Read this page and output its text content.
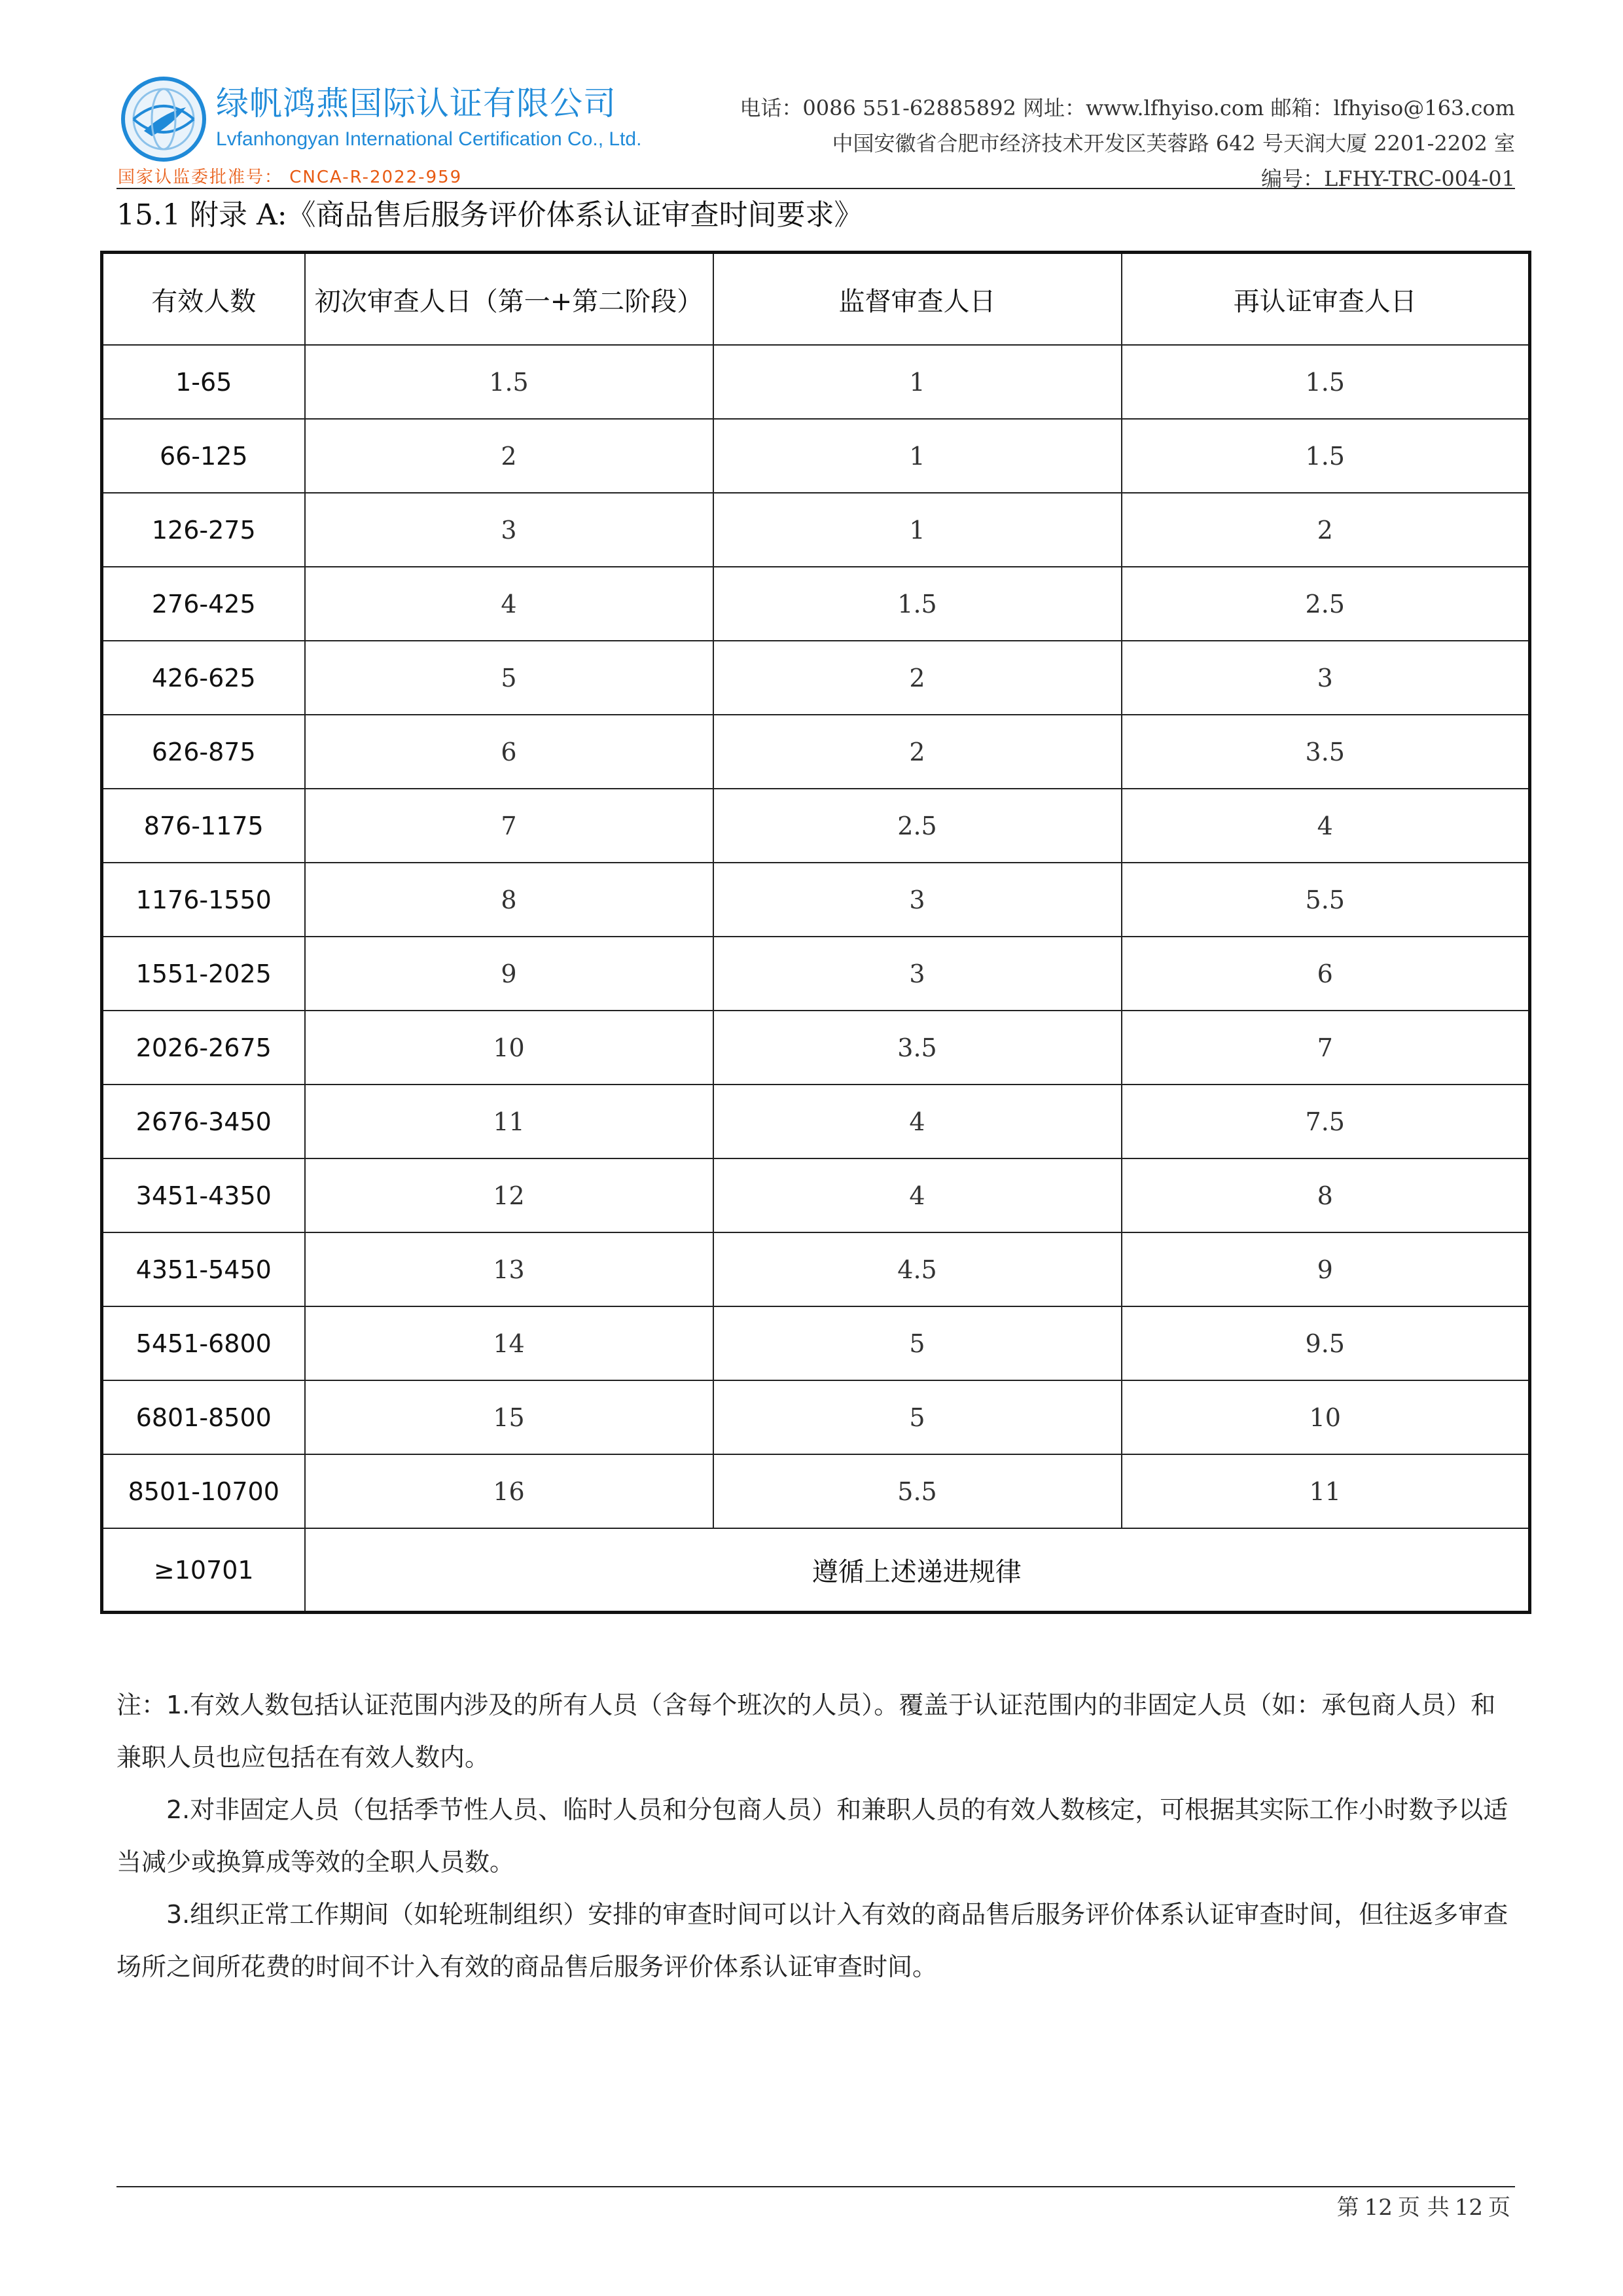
绿帆鸿燕国际认证有限公司
Lvfanhongyan International Certification Co., Ltd.
国家认监委批准号： CNCA-R-2022-959
电话：0086 551-62885892 网址：www.lfhyiso.com 邮箱：lfhyiso@163.com
中国安徽省合肥市经济技术开发区芙蓉路 642 号天润大厦 2201-2202 室
编号：LFHY-TRC-004-01
15.1 附录 A:《商品售后服务评价体系认证审查时间要求》
有效人数	初次审查人日（第一+第二阶段）	监督审查人日	再认证审查人日
1-65	1.5	1	1.5
66-125	2	1	1.5
126-275	3	1	2
276-425	4	1.5	2.5
426-625	5	2	3
626-875	6	2	3.5
876-1175	7	2.5	4
1176-1550	8	3	5.5
1551-2025	9	3	6
2026-2675	10	3.5	7
2676-3450	11	4	7.5
3451-4350	12	4	8
4351-5450	13	4.5	9
5451-6800	14	5	9.5
6801-8500	15	5	10
8501-10700	16	5.5	11
≥10701	遵循上述递进规律		

注：1.有效人数包括认证范围内涉及的所有人员（含每个班次的人员）。覆盖于认证范围内的非固定人员（如：承包商人员）和兼职人员也应包括在有效人数内。

2.对非固定人员（包括季节性人员、临时人员和分包商人员）和兼职人员的有效人数核定，可根据其实际工作小时数予以适当减少或换算成等效的全职人员数。

3.组织正常工作期间（如轮班制组织）安排的审查时间可以计入有效的商品售后服务评价体系认证审查时间，但往返多审查场所之间所花费的时间不计入有效的商品售后服务评价体系认证审查时间。

第 12 页 共 12 页
